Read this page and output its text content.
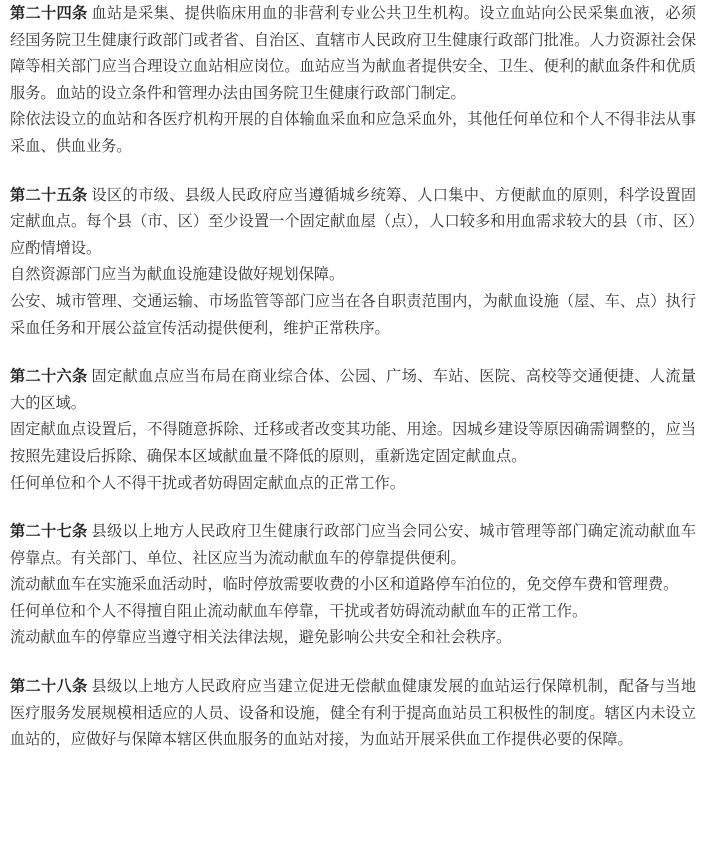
第二十四条 血站是采集、提供临床用血的非营利专业公共卫生机构。设立血站向公民采集血液，必须经国务院卫生健康行政部门或者省、自治区、直辖市人民政府卫生健康行政部门批准。人力资源社会保障等相关部门应当合理设立血站相应岗位。血站应当为献血者提供安全、卫生、便利的献血条件和优质服务。血站的设立条件和管理办法由国务院卫生健康行政部门制定。

除依法设立的血站和各医疗机构开展的自体输血采血和应急采血外，其他任何单位和个人不得非法从事采血、供血业务。

第二十五条 设区的市级、县级人民政府应当遵循城乡统筹、人口集中、方便献血的原则，科学设置固定献血点。每个县（市、区）至少设置一个固定献血屋（点），人口较多和用血需求较大的县（市、区）应酌情增设。

自然资源部门应当为献血设施建设做好规划保障。

公安、城市管理、交通运输、市场监管等部门应当在各自职责范围内，为献血设施（屋、车、点）执行采血任务和开展公益宣传活动提供便利，维护正常秩序。

第二十六条 固定献血点应当布局在商业综合体、公园、广场、车站、医院、高校等交通便捷、人流量大的区域。

固定献血点设置后，不得随意拆除、迁移或者改变其功能、用途。因城乡建设等原因确需调整的，应当按照先建设后拆除、确保本区域献血量不降低的原则，重新选定固定献血点。

任何单位和个人不得干扰或者妨碍固定献血点的正常工作。

第二十七条 县级以上地方人民政府卫生健康行政部门应当会同公安、城市管理等部门确定流动献血车停靠点。有关部门、单位、社区应当为流动献血车的停靠提供便利。

流动献血车在实施采血活动时，临时停放需要收费的小区和道路停车泊位的，免交停车费和管理费。

任何单位和个人不得擅自阻止流动献血车停靠，干扰或者妨碍流动献血车的正常工作。

流动献血车的停靠应当遵守相关法律法规，避免影响公共安全和社会秩序。

第二十八条 县级以上地方人民政府应当建立促进无偿献血健康发展的血站运行保障机制，配备与当地医疗服务发展规模相适应的人员、设备和设施，健全有利于提高血站员工积极性的制度。辖区内未设立血站的，应做好与保障本辖区供血服务的血站对接，为血站开展采供血工作提供必要的保障。
